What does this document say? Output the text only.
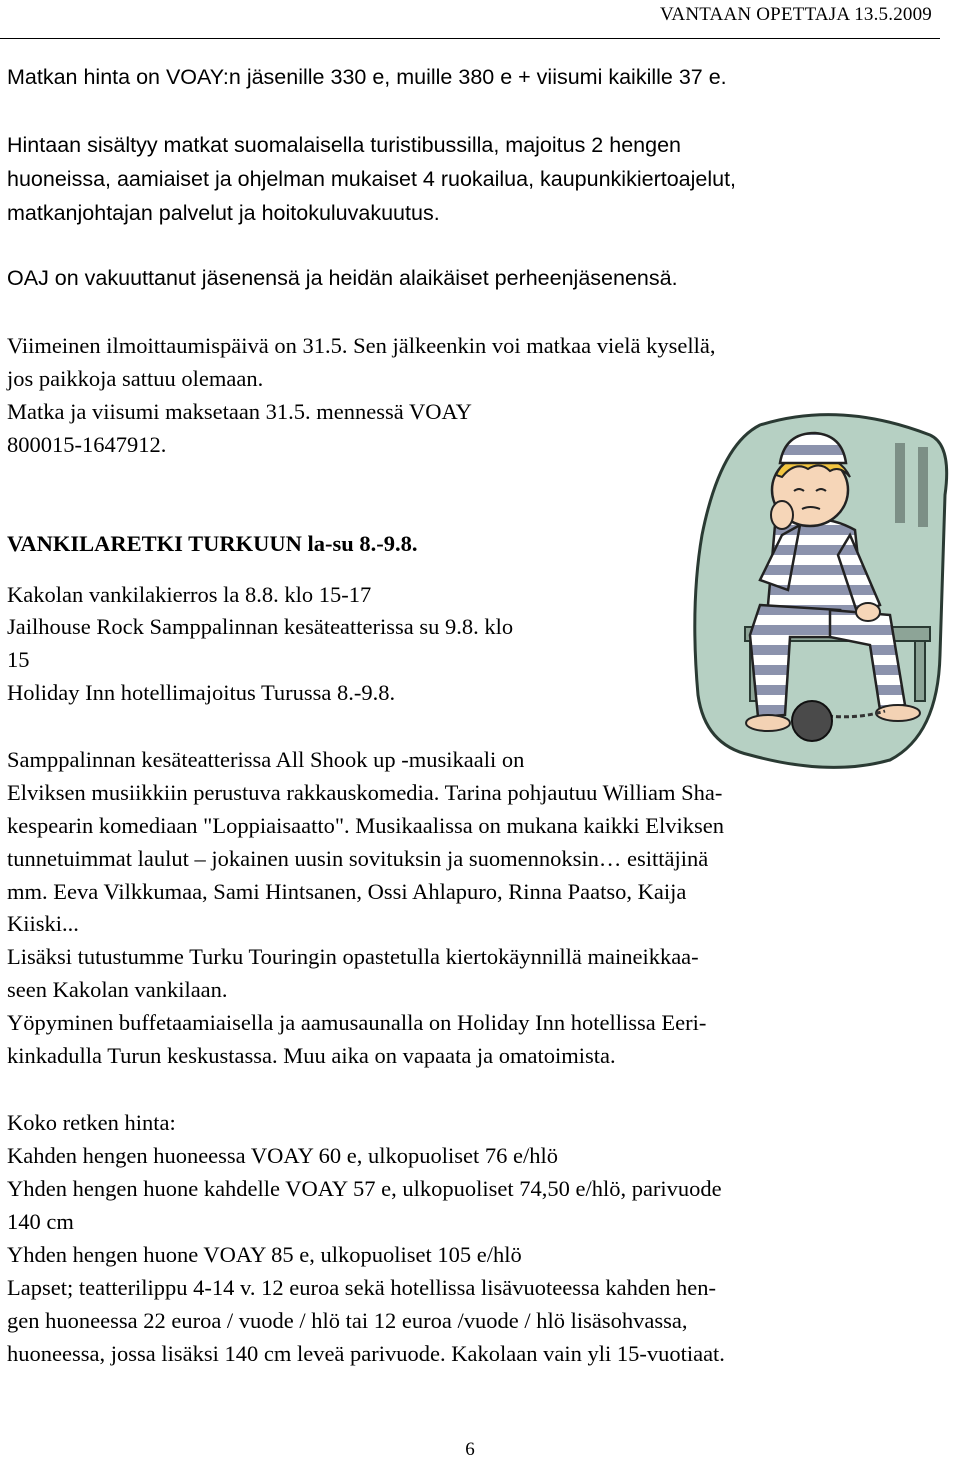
VANTAAN OPETTAJA 13.5.2009
Matkan hinta on VOAY:n jäsenille 330 e, muille 380 e + viisumi kaikille 37 e.
Hintaan sisältyy matkat suomalaisella turistibussilla, majoitus 2 hengen
huoneissa, aamiaiset ja ohjelman mukaiset 4 ruokailua, kaupunkikiertoajelut,
matkanjohtajan palvelut ja hoitokuluvakuutus.
OAJ on vakuuttanut jäsenensä ja heidän alaikäiset perheenjäsenensä.
Viimeinen ilmoittaumispäivä on 31.5. Sen jälkeenkin voi matkaa vielä kysellä,
jos paikkoja sattuu olemaan.
Matka ja viisumi maksetaan 31.5. mennessä VOAY
800015-1647912.
VANKILARETKI TURKUUN la-su 8.-9.8.
Kakolan vankilakierros la 8.8. klo 15-17
Jailhouse Rock Samppalinnan kesäteatterissa su 9.8. klo
15
Holiday Inn hotellimajoitus Turussa 8.-9.8.
Samppalinnan kesäteatterissa All Shook up -musikaali on
Elviksen musiikkiin perustuva rakkauskomedia. Tarina pohjautuu William Sha-
kespearin komediaan "Loppiaisaatto". Musikaalissa on mukana kaikki Elviksen
tunnetuimmat laulut – jokainen uusin sovituksin ja suomennoksin… esittäjinä
mm. Eeva Vilkkumaa, Sami Hintsanen, Ossi Ahlapuro, Rinna Paatso, Kaija
Kiiski...
Lisäksi tutustumme Turku Touringin opastetulla kiertokäynnillä maineikkaa-
seen Kakolan vankilaan.
Yöpyminen buffetaamiaisella ja aamusaunalla on Holiday Inn hotellissa Eeri-
kinkadulla Turun keskustassa. Muu aika on vapaata ja omatoimista.
Koko retken hinta:
Kahden hengen huoneessa VOAY 60 e, ulkopuoliset 76 e/hlö
Yhden hengen huone kahdelle VOAY 57 e, ulkopuoliset 74,50 e/hlö, parivuode
140 cm
Yhden hengen huone VOAY 85 e, ulkopuoliset 105 e/hlö
Lapset; teatterilippu 4-14 v. 12 euroa sekä hotellissa lisävuoteessa kahden hen-
gen huoneessa 22 euroa / vuode / hlö tai 12 euroa /vuode / hlö lisäsohvassa,
huoneessa, jossa lisäksi 140 cm leveä parivuode. Kakolaan vain yli 15-vuotiaat.
6
